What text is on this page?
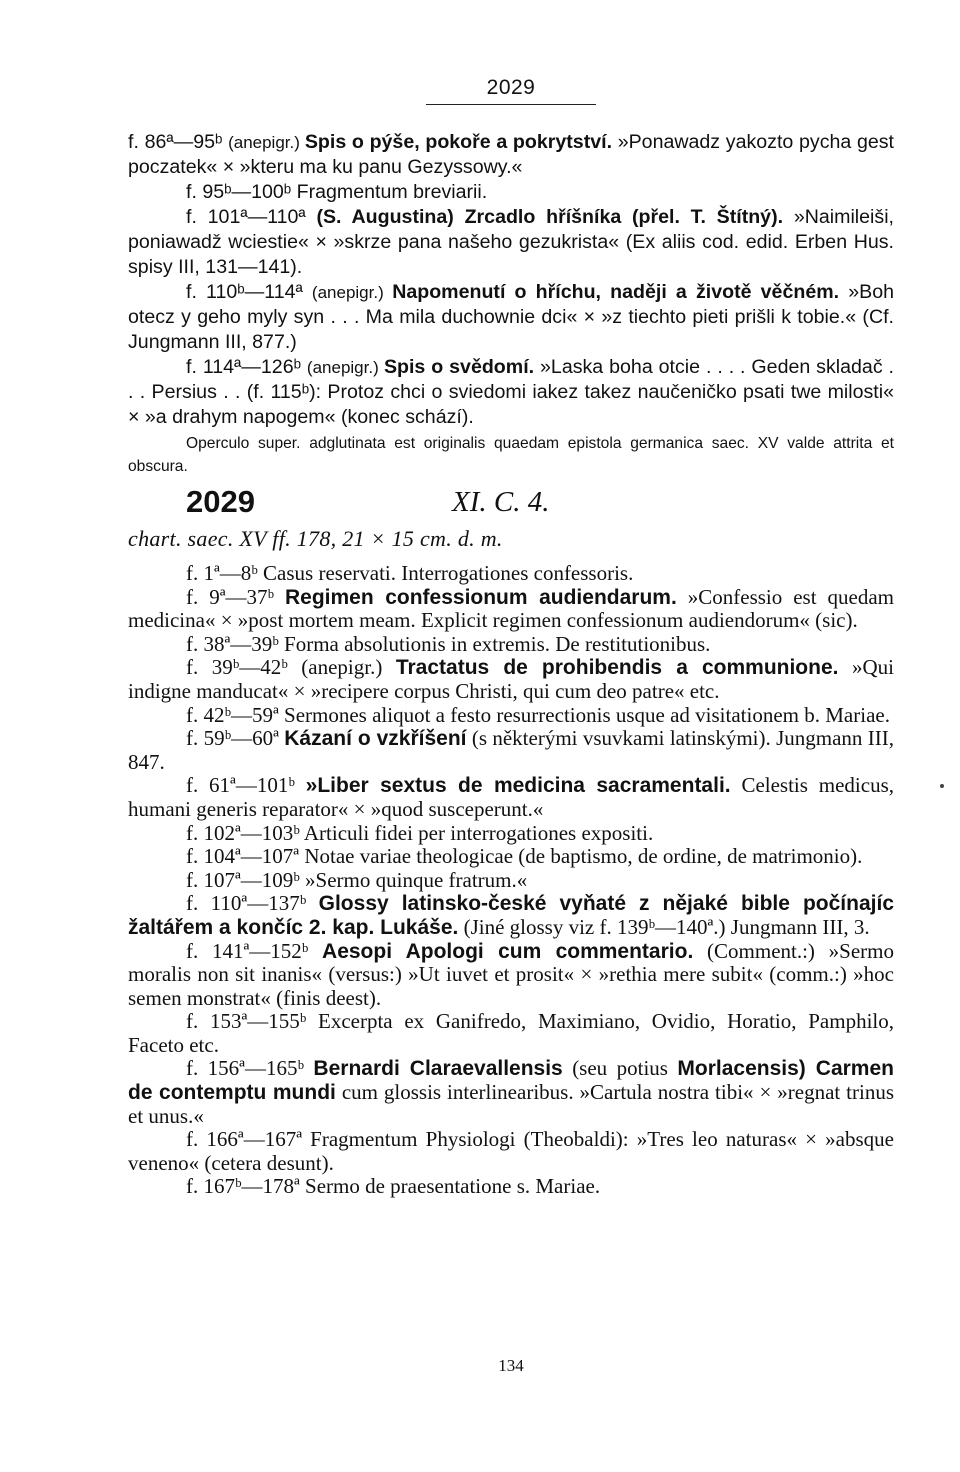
2029

f. 86ª—95ᵇ (anepigr.) Spis o pýše, pokoře a pokrytství. »Ponawadz yakozto pycha gest poczatek« × »kteru ma ku panu Gezyssowy.«

f. 95ᵇ—100ᵇ Fragmentum breviarii.

f. 101ª—110ª (S. Augustina) Zrcadlo hříšníka (přel. T. Štítný). »Naimileiši, poniawadž wciestie« × »skrze pana našeho gezukrista« (Ex aliis cod. edid. Erben Hus. spisy III, 131—141).

f. 110ᵇ—114ª (anepigr.) Napomenutí o hříchu, naději a životě věčném. »Boh otecz y geho myly syn . . . Ma mila duchownie dci« × »z tiechto pieti prišli k tobie.« (Cf. Jungmann III, 877.)

f. 114ª—126ᵇ (anepigr.) Spis o svědomí. »Laska boha otcie . . . . Geden skladač . . . Persius . . (f. 115ᵇ): Protoz chci o sviedomi iakez takez naučeničko psati twe milosti« × »a drahym napogem« (konec schází).

Operculo super. adglutinata est originalis quaedam epistola germanica saec. XV valde attrita et obscura.

2029	XI. C. 4.
chart. saec. XV ff. 178, 21 × 15 cm. d. m.

f. 1ª—8ᵇ Casus reservati. Interrogationes confessoris.

f. 9ª—37ᵇ Regimen confessionum audiendarum. »Confessio est quedam medicina« × »post mortem meam. Explicit regimen confessionum audiendorum« (sic).

f. 38ª—39ᵇ Forma absolutionis in extremis. De restitutionibus.

f. 39ᵇ—42ᵇ (anepigr.) Tractatus de prohibendis a communione. »Qui indigne manducat« × »recipere corpus Christi, qui cum deo patre« etc.

f. 42ᵇ—59ª Sermones aliquot a festo resurrectionis usque ad visitationem b. Mariae.

f. 59ᵇ—60ª Kázaní o vzkříšení (s některými vsuvkami latinskými). Jungmann III, 847.

f. 61ª—101ᵇ »Liber sextus de medicina sacramentali. Celestis medicus, humani generis reparator« × »quod susceperunt.«

f. 102ª—103ᵇ Articuli fidei per interrogationes expositi.

f. 104ª—107ª Notae variae theologicae (de baptismo, de ordine, de matrimonio).

f. 107ª—109ᵇ »Sermo quinque fratrum.«

f. 110ª—137ᵇ Glossy latinsko-české vyňaté z nějaké bible počínajíc žaltářem a končíc 2. kap. Lukáše. (Jiné glossy viz f. 139ᵇ—140ª.) Jungmann III, 3.

f. 141ª—152ᵇ Aesopi Apologi cum commentario. (Comment.:) »Sermo moralis non sit inanis« (versus:) »Ut iuvet et prosit« × »rethia mere subit« (comm.:) »hoc semen monstrat« (finis deest).

f. 153ª—155ᵇ Excerpta ex Ganifredo, Maximiano, Ovidio, Horatio, Pamphilo, Faceto etc.

f. 156ª—165ᵇ Bernardi Claraevallensis (seu potius Morlacensis) Carmen de contemptu mundi cum glossis interlinearibus. »Cartula nostra tibi« × »regnat trinus et unus.«

f. 166ª—167ª Fragmentum Physiologi (Theobaldi): »Tres leo naturas« × »absque veneno« (cetera desunt).

f. 167ᵇ—178ª Sermo de praesentatione s. Mariae.

134
